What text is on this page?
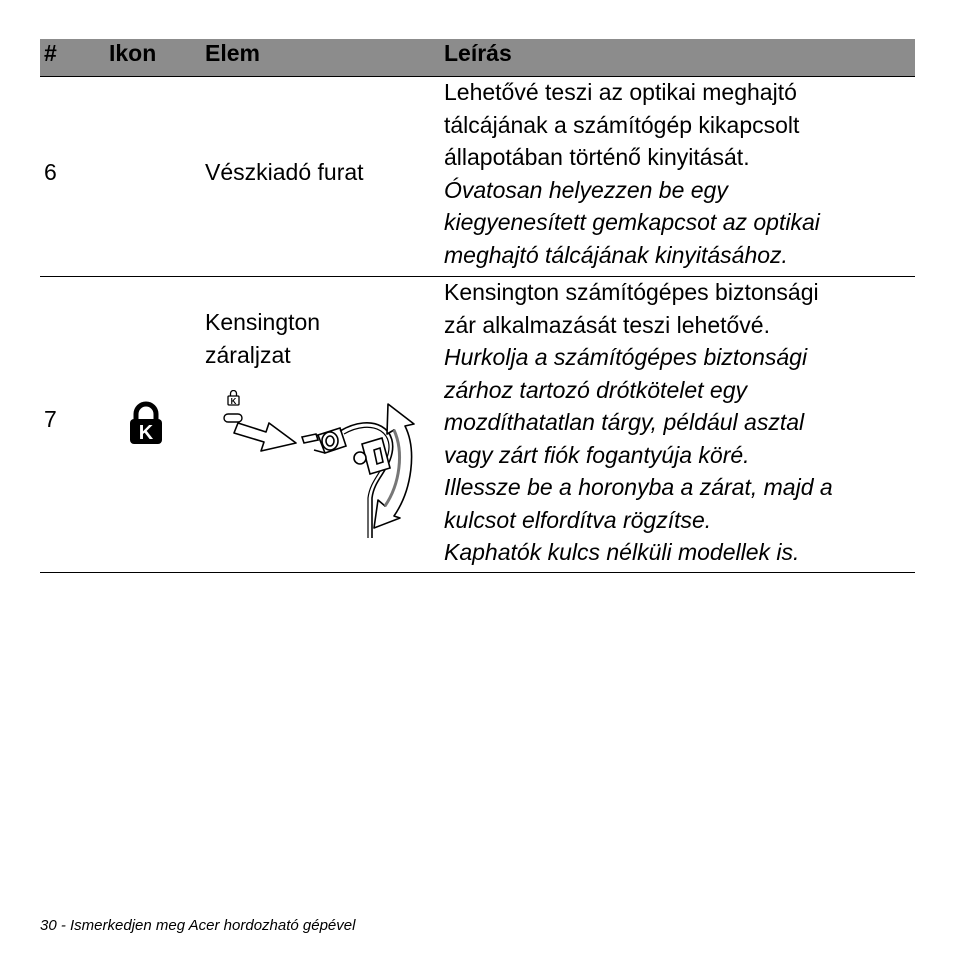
# Ikon Elem	Leírás
6	Vészkiadó furat

Lehetővé teszi az optikai meghajtó

tálcájának a számítógép kikapcsolt

állapotában történő kinyitását.

Óvatosan helyezzen be egy

kiegyenesített gemkapcsot az optikai

meghajtó tálcájának kinyitásához.

7
K
Kensington
záraljzat
K

Kensington számítógépes biztonsági

zár alkalmazását teszi lehetővé.

Hurkolja a számítógépes biztonsági

zárhoz tartozó drótkötelet egy

mozdíthatatlan tárgy, például asztal

vagy zárt fiók fogantyúja köré.

Illessze be a horonyba a zárat, majd a

kulcsot elfordítva rögzítse.

Kaphatók kulcs nélküli modellek is.

30 - Ismerkedjen meg Acer hordozható gépével
